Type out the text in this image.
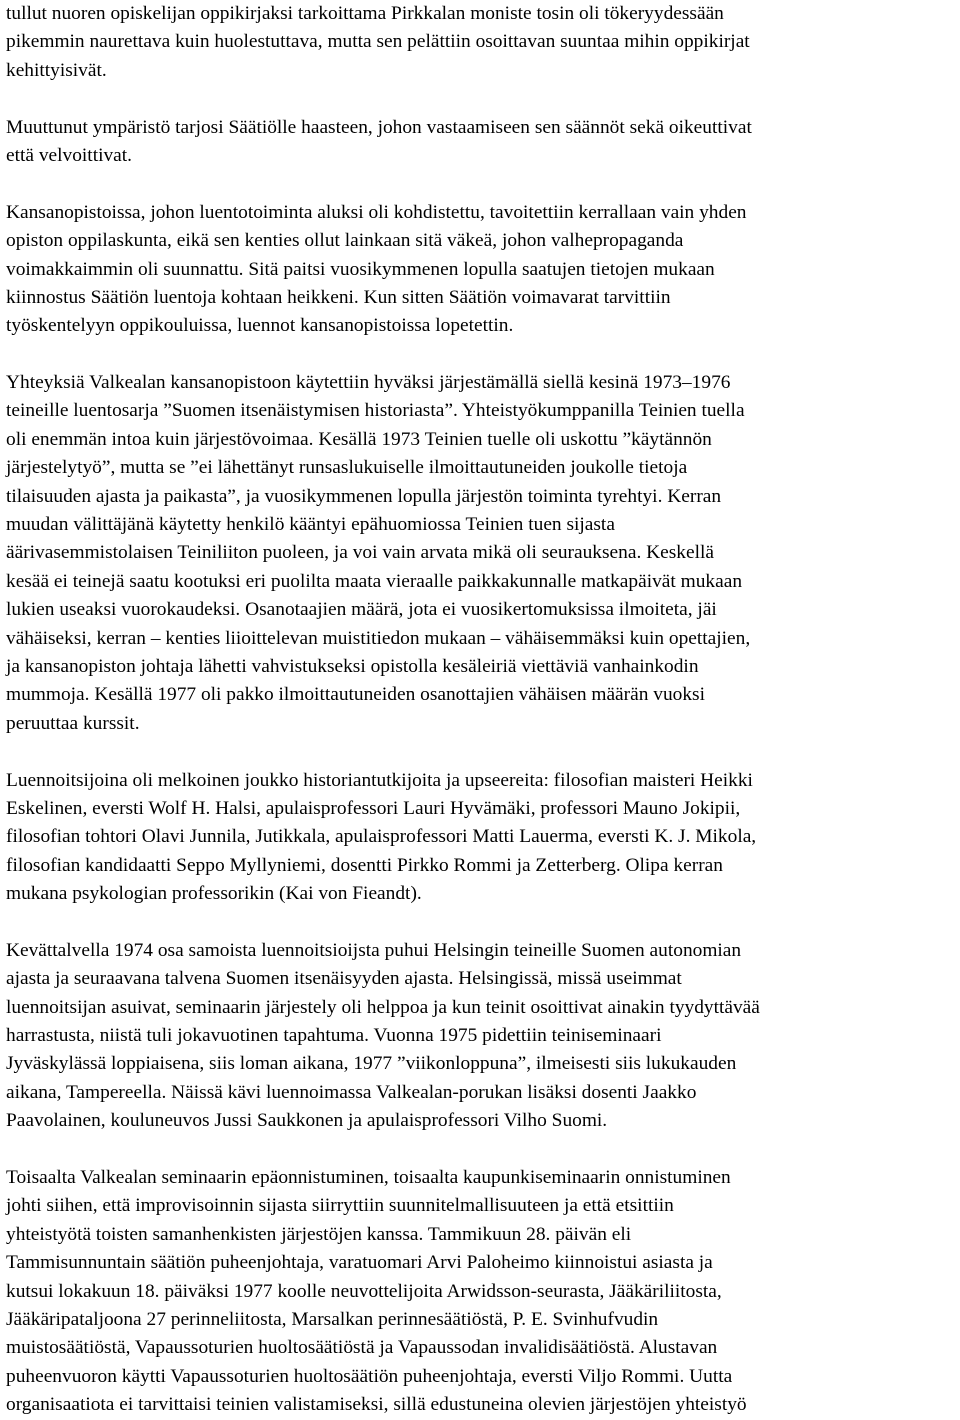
tullut nuoren opiskelijan oppikirjaksi tarkoittama Pirkkalan moniste tosin oli tökeryydessään
pikemmin naurettava kuin huolestuttava, mutta sen pelättiin osoittavan suuntaa mihin oppikirjat
kehittyisivät.
Muuttunut ympäristö tarjosi Säätiölle haasteen, johon vastaamiseen sen säännöt sekä oikeuttivat
että velvoittivat.
Kansanopistoissa, johon luentotoiminta aluksi oli kohdistettu, tavoitettiin kerrallaan vain yhden
opiston oppilaskunta, eikä sen kenties ollut lainkaan sitä väkeä, johon valhepropaganda
voimakkaimmin oli suunnattu. Sitä paitsi vuosikymmenen lopulla saatujen tietojen mukaan
kiinnostus Säätiön luentoja kohtaan heikkeni. Kun sitten Säätiön voimavarat tarvittiin
työskentelyyn oppikouluissa, luennot kansanopistoissa lopetettin.
Yhteyksiä Valkealan kansanopistoon käytettiin hyväksi järjestämällä siellä kesinä 1973–1976
teineille luentosarja ”Suomen itsenäistymisen historiasta”. Yhteistyökumppanilla Teinien tuella
oli enemmän intoa kuin järjestövoimaa. Kesällä 1973 Teinien tuelle oli uskottu ”käytännön
järjestelytyö”, mutta se ”ei lähettänyt runsaslukuiselle ilmoittautuneiden joukolle tietoja
tilaisuuden ajasta ja paikasta”, ja vuosikymmenen lopulla järjestön toiminta tyrehtyi. Kerran
muudan välittäjänä käytetty henkilö kääntyi epähuomiossa Teinien tuen sijasta
äärivasemmistolaisen Teiniliiton puoleen, ja voi vain arvata mikä oli seurauksena. Keskellä
kesää ei teinejä saatu kootuksi eri puolilta maata vieraalle paikkakunnalle matkapäivät mukaan
lukien useaksi vuorokaudeksi. Osanotaajien määrä, jota ei vuosikertomuksissa ilmoiteta, jäi
vähäiseksi, kerran – kenties liioittelevan muistitiedon mukaan – vähäisemmäksi kuin opettajien,
ja kansanopiston johtaja lähetti vahvistukseksi opistolla kesäleiriä viettäviä vanhainkodin
mummoja. Kesällä 1977 oli pakko ilmoittautuneiden osanottajien vähäisen määrän vuoksi
peruuttaa kurssit.
Luennoitsijoina oli melkoinen joukko historiantutkijoita ja upseereita: filosofian maisteri Heikki
Eskelinen, eversti Wolf H. Halsi, apulaisprofessori Lauri Hyvämäki, professori Mauno Jokipii,
filosofian tohtori Olavi Junnila, Jutikkala, apulaisprofessori Matti Lauerma, eversti K. J. Mikola,
filosofian kandidaatti Seppo Myllyniemi, dosentti Pirkko Rommi ja Zetterberg. Olipa kerran
mukana psykologian professorikin (Kai von Fieandt).
Kevättalvella 1974 osa samoista luennoitsioijsta puhui Helsingin teineille Suomen autonomian
ajasta ja seuraavana talvena Suomen itsenäisyyden ajasta. Helsingissä, missä useimmat
luennoitsijan asuivat, seminaarin järjestely oli helppoa ja kun teinit osoittivat ainakin tyydyttävää
harrastusta, niistä tuli jokavuotinen tapahtuma. Vuonna 1975 pidettiin teiniseminaari
Jyväskylässä loppiaisena, siis loman aikana, 1977 ”viikonloppuna”, ilmeisesti siis lukukauden
aikana, Tampereella. Näissä kävi luennoimassa Valkealan-porukan lisäksi dosenti Jaakko
Paavolainen, kouluneuvos Jussi Saukkonen ja apulaisprofessori Vilho Suomi.
Toisaalta Valkealan seminaarin epäonnistuminen, toisaalta kaupunkiseminaarin onnistuminen
johti siihen, että improvisoinnin sijasta siirryttiin suunnitelmallisuuteen ja että etsittiin
yhteistyötä toisten samanhenkisten järjestöjen kanssa. Tammikuun 28. päivän eli
Tammisunnuntain säätiön puheenjohtaja, varatuomari Arvi Paloheimo kiinnoistui asiasta ja
kutsui lokakuun 18. päiväksi 1977 koolle neuvottelijoita Arwidsson-seurasta, Jääkäriliitosta,
Jääkäripataljoona 27 perinneliitosta, Marsalkan perinnesäätiöstä, P. E. Svinhufvudin
muistosäätiöstä, Vapaussoturien huoltosäätiöstä ja Vapaussodan invalidisäätiöstä. Alustavan
puheenvuoron käytti Vapaussoturien huoltosäätiön puheenjohtaja, eversti Viljo Rommi. Uutta
organisaatiota ei tarvittaisi teinien valistamiseksi, sillä edustuneina olevien järjestöjen yhteistyö
